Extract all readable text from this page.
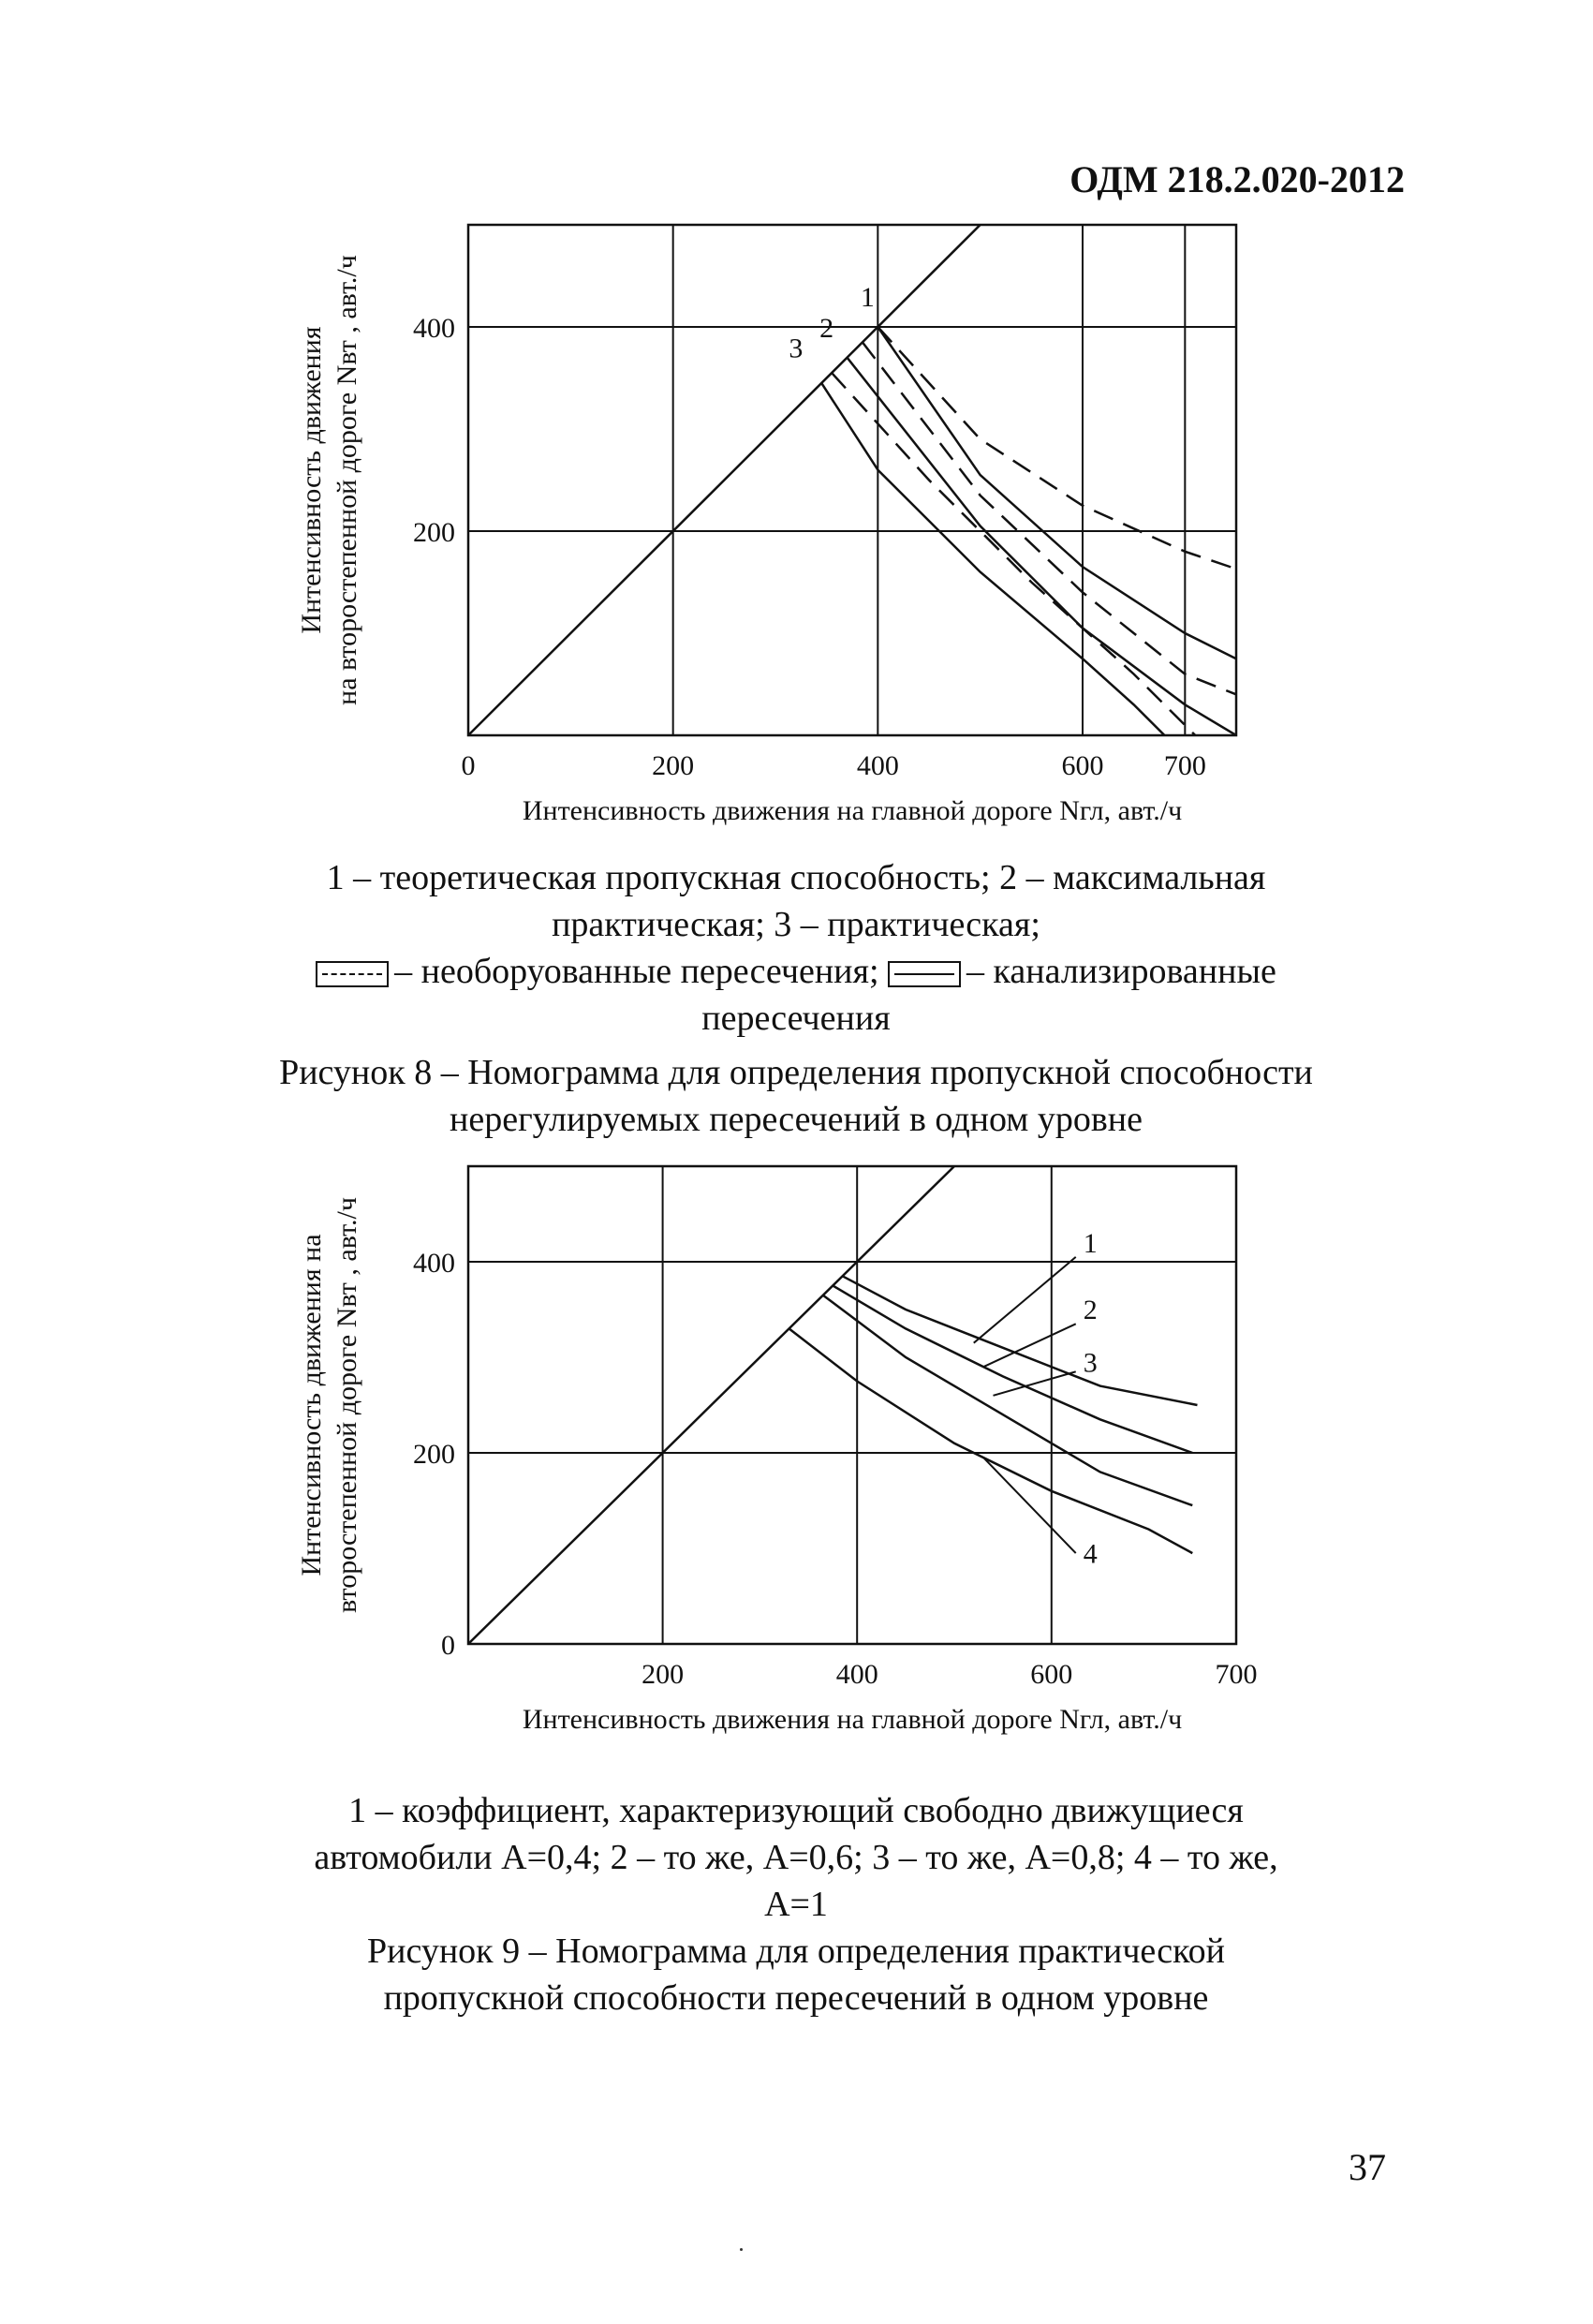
ОДМ 218.2.020-2012
0	200	400	600 700
200
400
1
2
3
Интенсивность движения на главной дороге Nгл, авт./ч
Интенсивность движения на второстепенной дороге Nвт , авт./ч

1 – теоретическая пропускная способность; 2 – максимальная

практическая; 3 – практическая;

– необоруованные пересечения; – канализированные

пересечения

Рисунок 8 – Номограмма для определения пропускной способности

нерегулируемых пересечений в одном уровне

200	400	600	700
0
200
400
1
2
3
4
Интенсивность движения на главной дороге Nгл, авт./ч
Интенсивность движения на второстепенной дороге Nвт , авт./ч

1 – коэффициент, характеризующий свободно движущиеся

автомобили А=0,4; 2 – то же, А=0,6; 3 – то же, А=0,8; 4 – то же,

А=1

Рисунок 9 – Номограмма для определения практической

пропускной способности пересечений в одном уровне

37
